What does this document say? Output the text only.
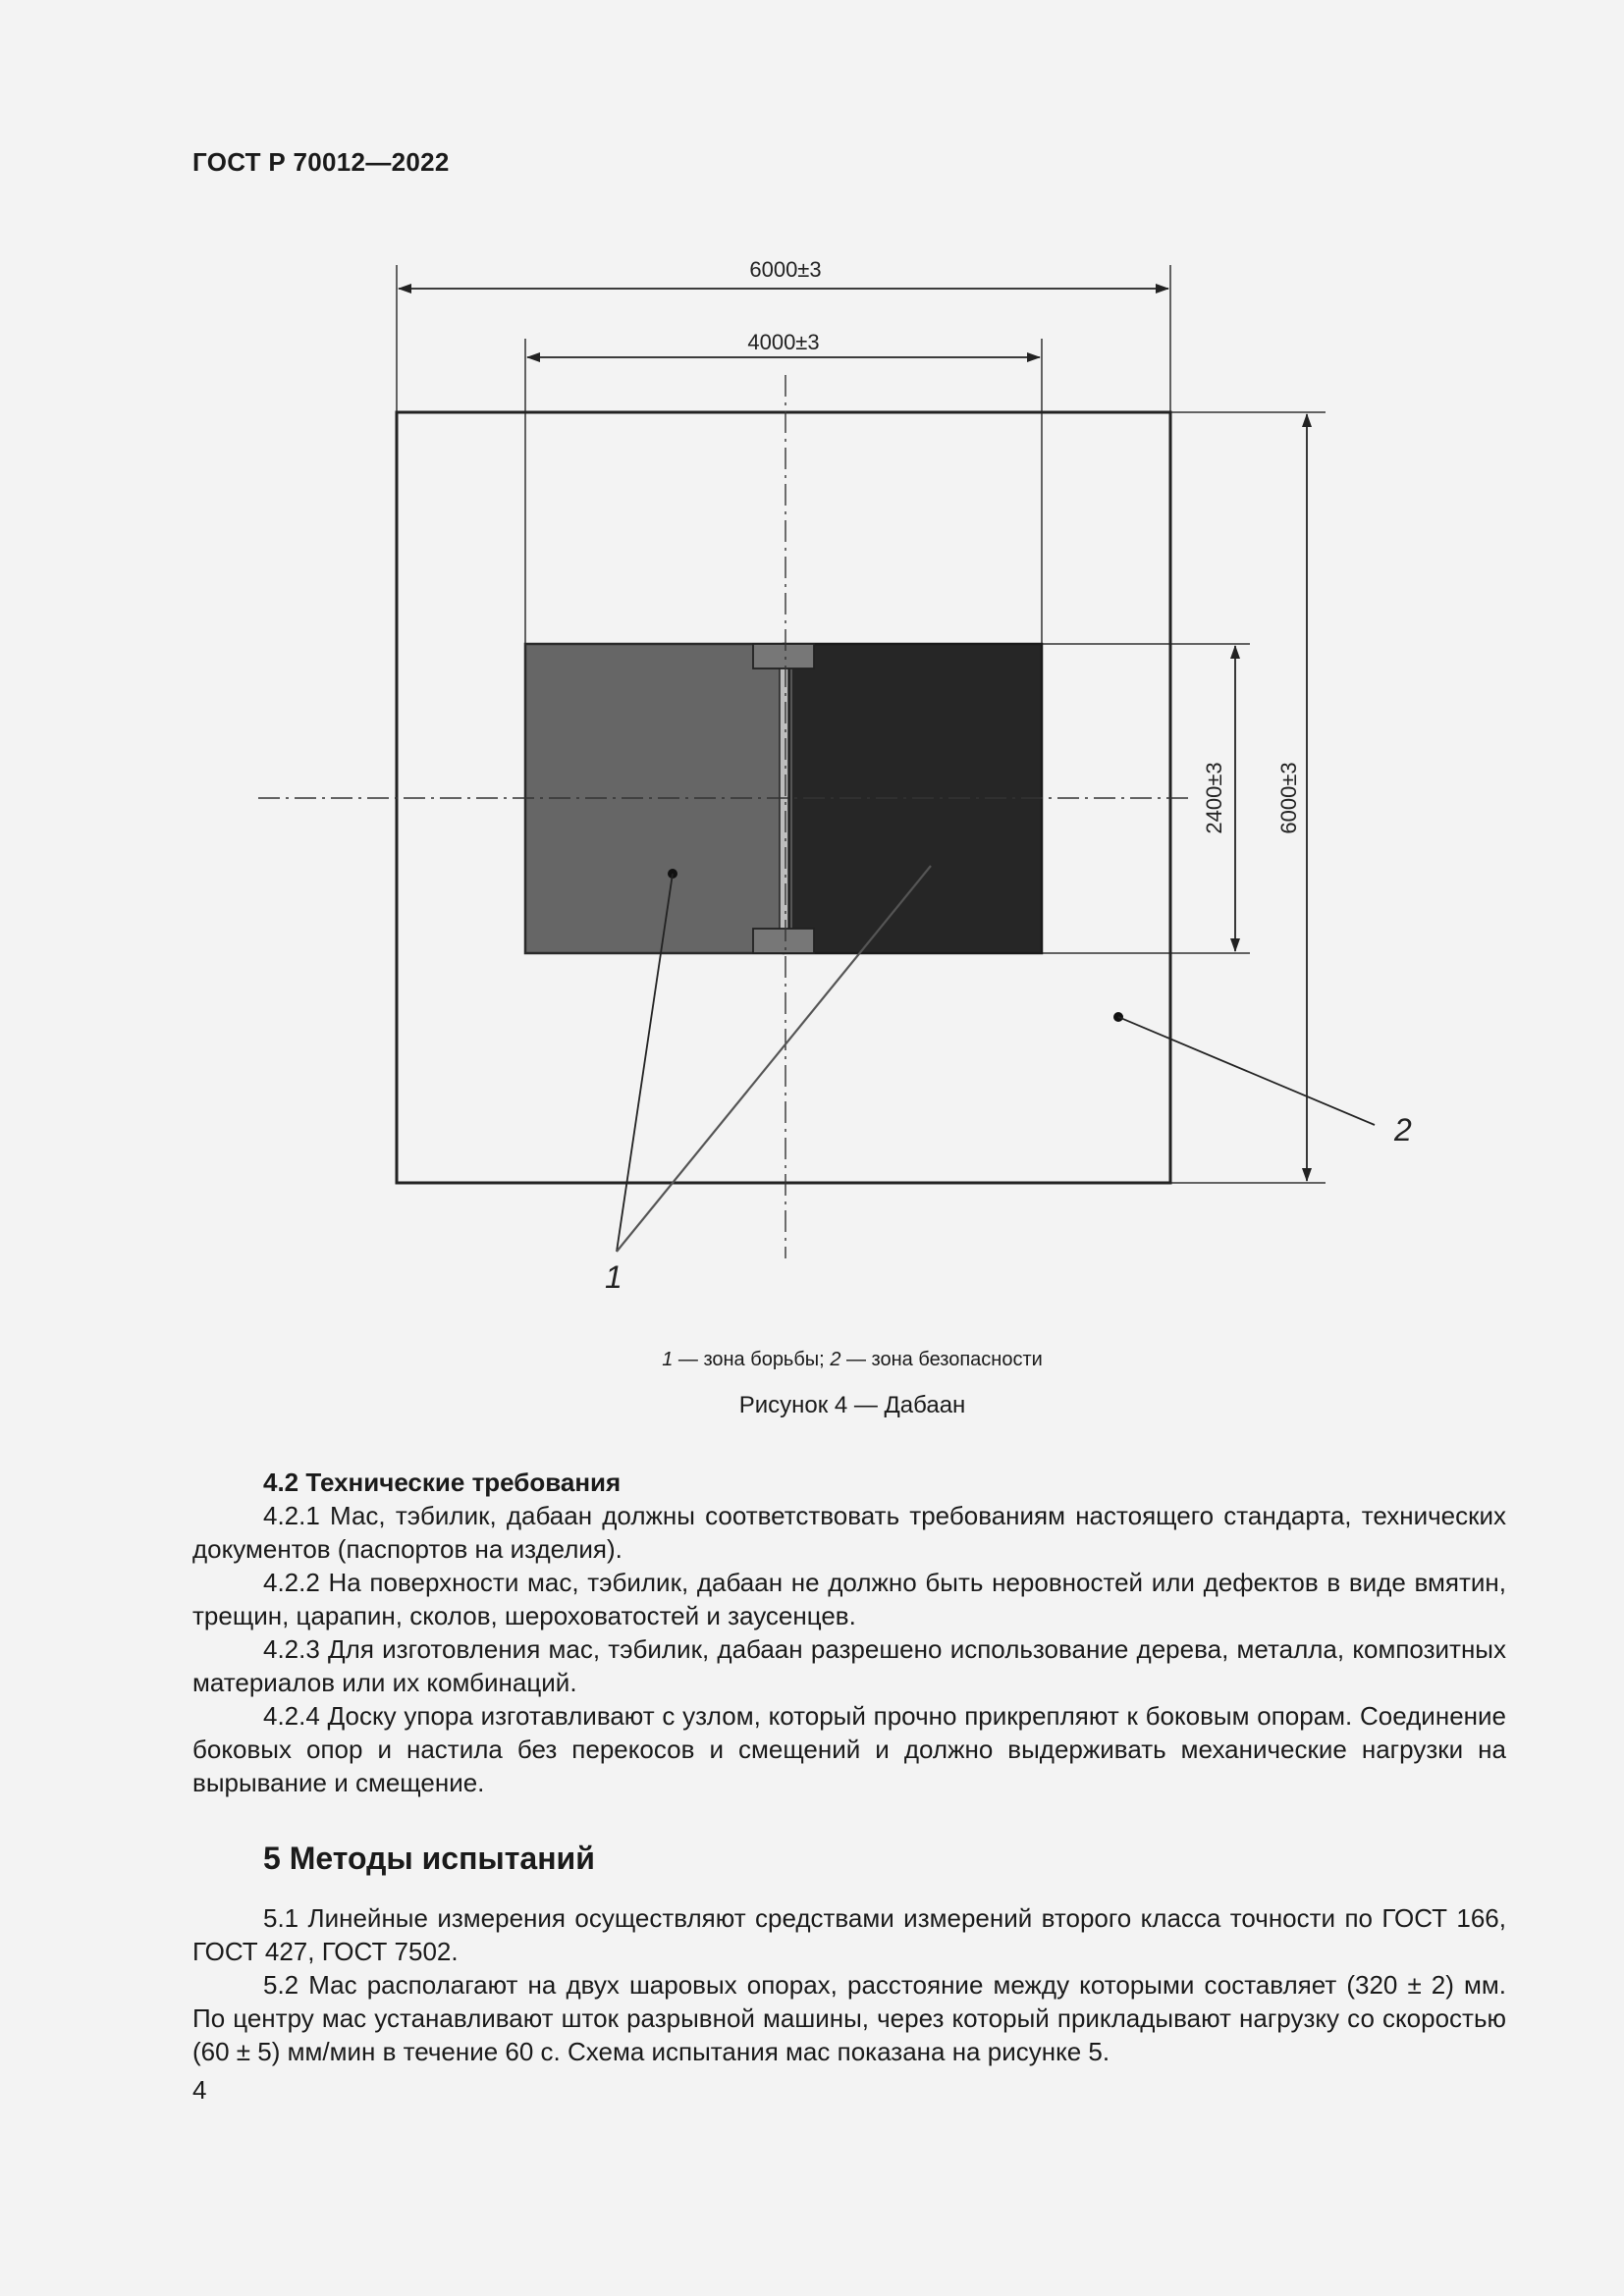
ГОСТ Р 70012—2022
6000±3
4000±3
2400±3 6000±3
1
2
1 — зона борьбы; 2 — зона безопасности
Рисунок 4 — Дабаан

4.2 Технические требования

4.2.1 Мас, тэбилик, дабаан должны соответствовать требованиям настоящего стандарта, технических документов (паспортов на изделия).

4.2.2 На поверхности мас, тэбилик, дабаан не должно быть неровностей или дефектов в виде вмятин, трещин, царапин, сколов, шероховатостей и заусенцев.

4.2.3 Для изготовления мас, тэбилик, дабаан разрешено использование дерева, металла, композитных материалов или их комбинаций.

4.2.4 Доску упора изготавливают с узлом, который прочно прикрепляют к боковым опорам. Соединение боковых опор и настила без перекосов и смещений и должно выдерживать механические нагрузки на вырывание и смещение.

5 Методы испытаний

5.1 Линейные измерения осуществляют средствами измерений второго класса точности по ГОСТ 166, ГОСТ 427, ГОСТ 7502.

5.2 Мас располагают на двух шаровых опорах, расстояние между которыми составляет (320 ± 2) мм. По центру мас устанавливают шток разрывной машины, через который прикладывают нагрузку со скоростью (60 ± 5) мм/мин в течение 60 с. Схема испытания мас показана на рисунке 5.

4
